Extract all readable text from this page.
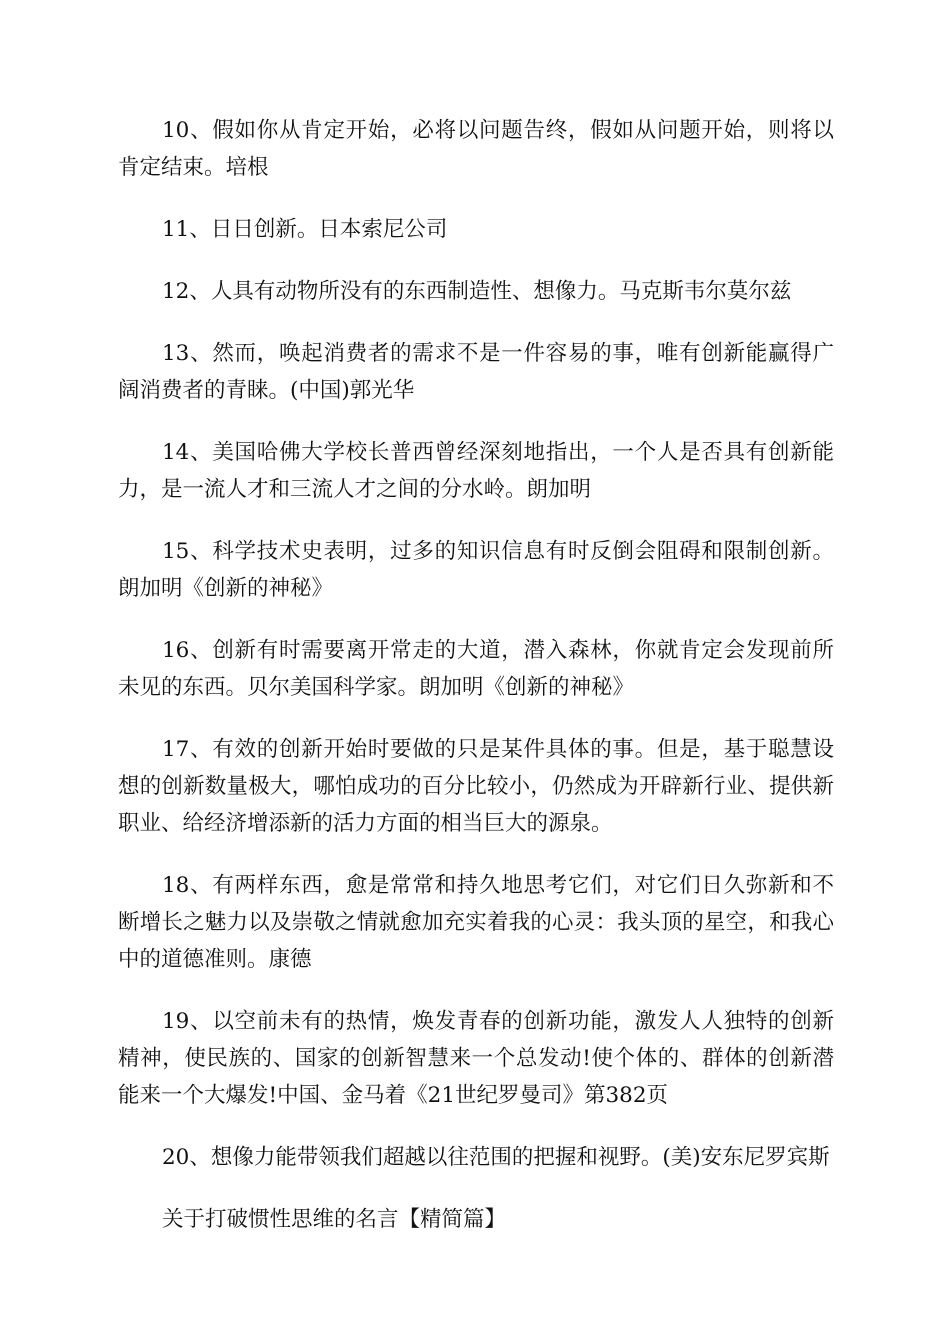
10、假如你从肯定开始，必将以问题告终，假如从问题开始，则将以肯定结束。培根

11、日日创新。日本索尼公司

12、人具有动物所没有的东西制造性、想像力。马克斯韦尔莫尔兹

13、然而，唤起消费者的需求不是一件容易的事，唯有创新能赢得广阔消费者的青睐。(中国)郭光华

14、美国哈佛大学校长普西曾经深刻地指出，一个人是否具有创新能力，是一流人才和三流人才之间的分水岭。朗加明

15、科学技术史表明，过多的知识信息有时反倒会阻碍和限制创新。朗加明《创新的神秘》

16、创新有时需要离开常走的大道，潜入森林，你就肯定会发现前所未见的东西。贝尔美国科学家。朗加明《创新的神秘》

17、有效的创新开始时要做的只是某件具体的事。但是，基于聪慧设想的创新数量极大，哪怕成功的百分比较小，仍然成为开辟新行业、提供新职业、给经济增添新的活力方面的相当巨大的源泉。

18、有两样东西，愈是常常和持久地思考它们，对它们日久弥新和不断增长之魅力以及崇敬之情就愈加充实着我的心灵：我头顶的星空，和我心中的道德准则。康德

19、以空前未有的热情，焕发青春的创新功能，激发人人独特的创新精神，使民族的、国家的创新智慧来一个总发动!使个体的、群体的创新潜能来一个大爆发!中国、金马着《21世纪罗曼司》第382页

20、想像力能带领我们超越以往范围的把握和视野。(美)安东尼罗宾斯

关于打破惯性思维的名言【精简篇】
